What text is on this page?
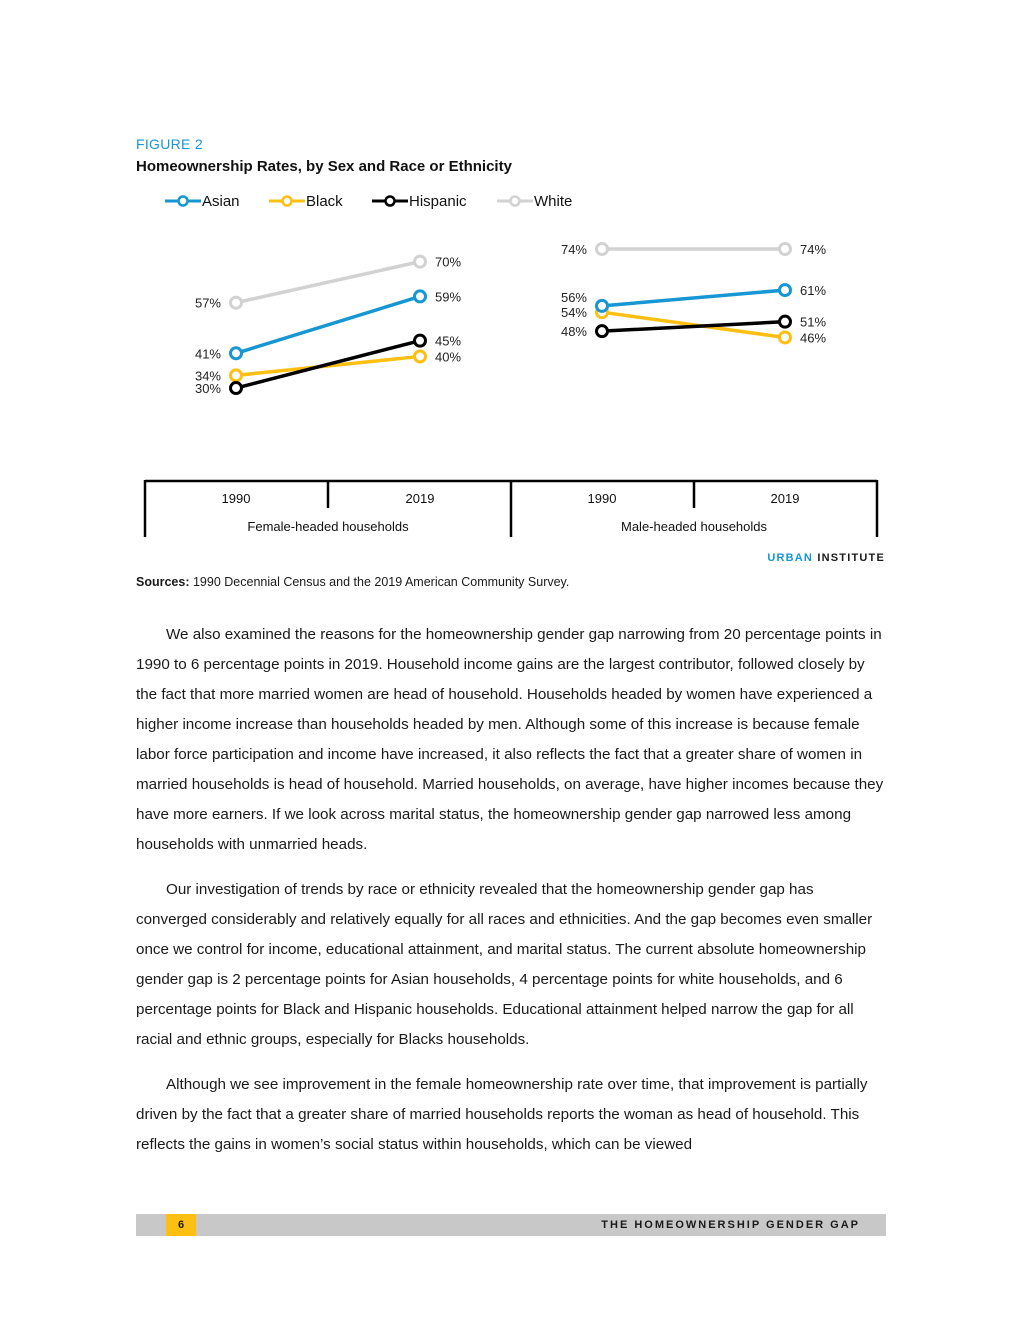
FIGURE 2
Homeownership Rates, by Sex and Race or Ethnicity
Asian	Black	Hispanic	White
57%
70%
34%
40%
41%
59%
30%
45%
74%	74%
54%
46%
56%	61%
48%
51%
1990	2019
Female-headed households
1990	2019
Male-headed households
URBAN INSTITUTE
Sources: 1990 Decennial Census and the 2019 American Community Survey.

We also examined the reasons for the homeownership gender gap narrowing from 20 percentage points in 1990 to 6 percentage points in 2019. Household income gains are the largest contributor, followed closely by the fact that more married women are head of household. Households headed by women have experienced a higher income increase than households headed by men. Although some of this increase is because female labor force participation and income have increased, it also reflects the fact that a greater share of women in married households is head of household. Married households, on average, have higher incomes because they have more earners. If we look across marital status, the homeownership gender gap narrowed less among households with unmarried heads.

Our investigation of trends by race or ethnicity revealed that the homeownership gender gap has converged considerably and relatively equally for all races and ethnicities. And the gap becomes even smaller once we control for income, educational attainment, and marital status. The current absolute homeownership gender gap is 2 percentage points for Asian households, 4 percentage points for white households, and 6 percentage points for Black and Hispanic households. Educational attainment helped narrow the gap for all racial and ethnic groups, especially for Blacks households.

Although we see improvement in the female homeownership rate over time, that improvement is partially driven by the fact that a greater share of married households reports the woman as head of household. This reflects the gains in women’s social status within households, which can be viewed

6	THE HOMEOWNERSHIP GENDER GAP
